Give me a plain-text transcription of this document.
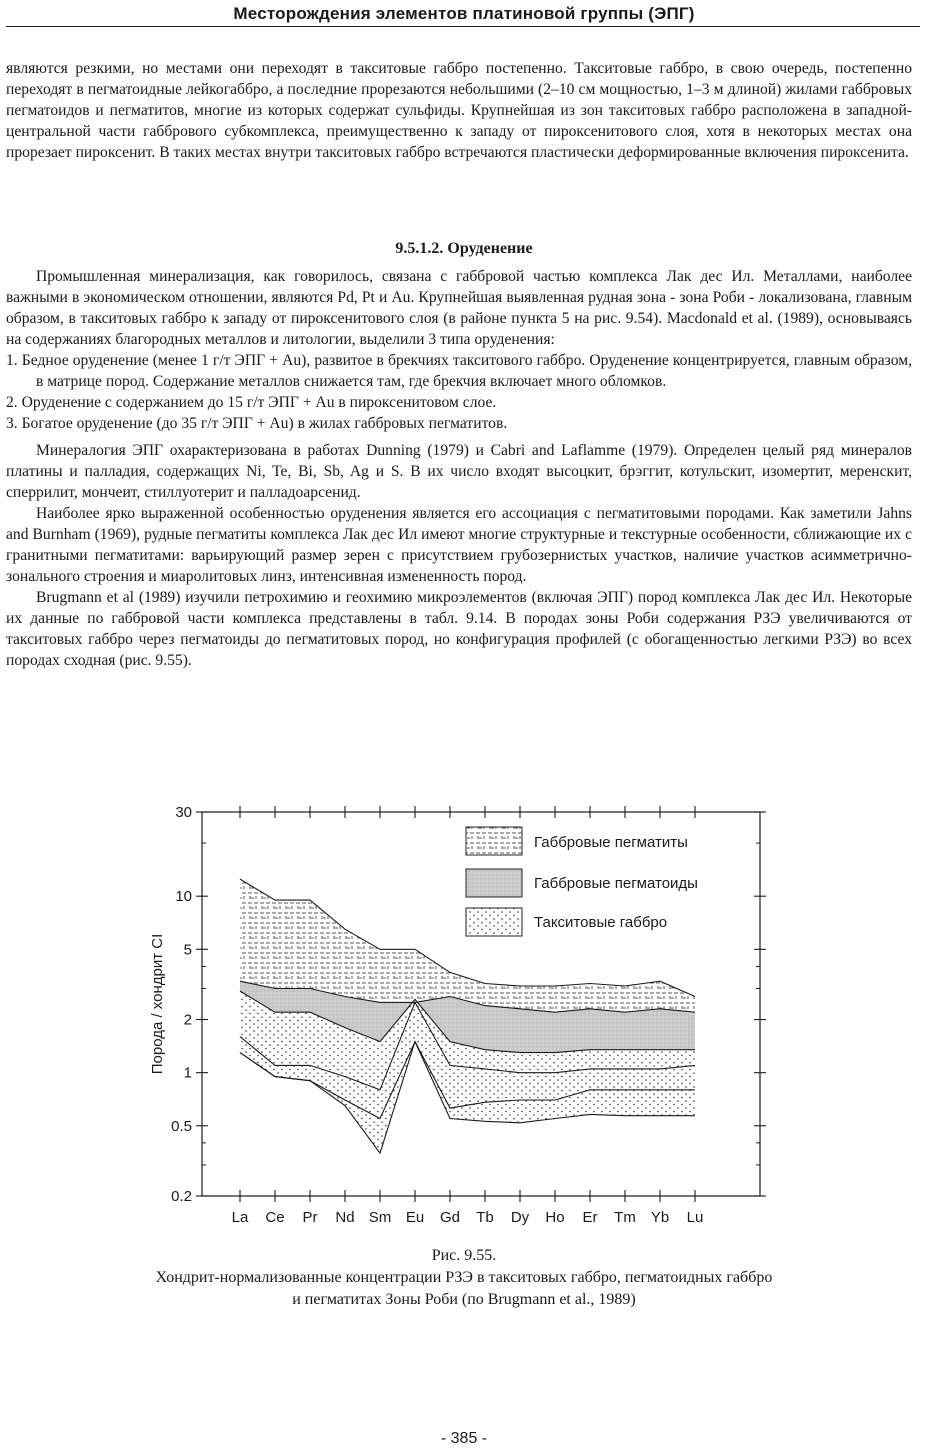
Месторождения элементов платиновой группы (ЭПГ)

являются резкими, но местами они переходят в такситовые габбро постепенно. Такситовые габбро, в свою очередь, постепенно переходят в пегматоидные лейкогаббро, а последние прорезаются небольшими (2–10 см мощностью, 1–3 м длиной) жилами габбровых пегматоидов и пегматитов, многие из которых содержат сульфиды. Крупнейшая из зон такситовых габбро расположена в западной-центральной части габбрового субкомплекса, преимущественно к западу от пироксенитового слоя, хотя в некоторых местах она прорезает пироксенит. В таких местах внутри такситовых габбро встречаются пластически деформированные включения пироксенита.

9.5.1.2. Оруденение

Промышленная минерализация, как говорилось, связана с габбровой частью комплекса Лак дес Ил. Металлами, наиболее важными в экономическом отношении, являются Pd, Pt и Au. Крупнейшая выявленная рудная зона - зона Роби - локализована, главным образом, в такситовых габбро к западу от пироксенитового слоя (в районе пункта 5 на рис. 9.54). Macdonald et al. (1989), основываясь на содержаниях благородных металлов и литологии, выделили 3 типа оруденения:

1. Бедное оруденение (менее 1 г/т ЭПГ + Au), развитое в брекчиях такситового габбро. Оруденение концентрируется, главным образом, в матрице пород. Содержание металлов снижается там, где брекчия включает много обломков.

2. Оруденение с содержанием до 15 г/т ЭПГ + Au в пироксенитовом слое.

3. Богатое оруденение (до 35 г/т ЭПГ + Au) в жилах габбровых пегматитов.

Минералогия ЭПГ охарактеризована в работах Dunning (1979) и Cabri and Laflamme (1979). Определен целый ряд минералов платины и палладия, содержащих Ni, Te, Bi, Sb, Ag и S. В их число входят высоцкит, брэггит, котульскит, изомертит, меренскит, сперрилит, мончеит, стиллуотерит и палладоарсенид.

Наиболее ярко выраженной особенностью оруденения является его ассоциация с пегматитовыми породами. Как заметили Jahns and Burnham (1969), рудные пегматиты комплекса Лак дес Ил имеют многие структурные и текстурные особенности, сближающие их с гранитными пегматитами: варьирующий размер зерен с присутствием грубозернистых участков, наличие участков асимметрично-зонального строения и миаролитовых линз, интенсивная измененность пород.

Brugmann et al (1989) изучили петрохимию и геохимию микроэлементов (включая ЭПГ) пород комплекса Лак дес Ил. Некоторые их данные по габбровой части комплекса представлены в табл. 9.14. В породах зоны Роби содержания РЗЭ увеличиваются от такситовых габбро через пегматоиды до пегматитовых пород, но конфигурация профилей (с обогащенностью легкими РЗЭ) во всех породах сходная (рис. 9.55).

30
10
5
2
1
0.5
0.2
La Ce Pr Nd Sm Eu Gd Tb Dy Ho Er Tm Yb Lu
Габбровые пегматиты
Габбровые пегматоиды
Такситовые габбро
Порода / хондрит CI
Рис. 9.55.
Хондрит-нормализованные концентрации РЗЭ в такситовых габбро, пегматоидных габбро
и пегматитах Зоны Роби (по Brugmann et al., 1989)
- 385 -
